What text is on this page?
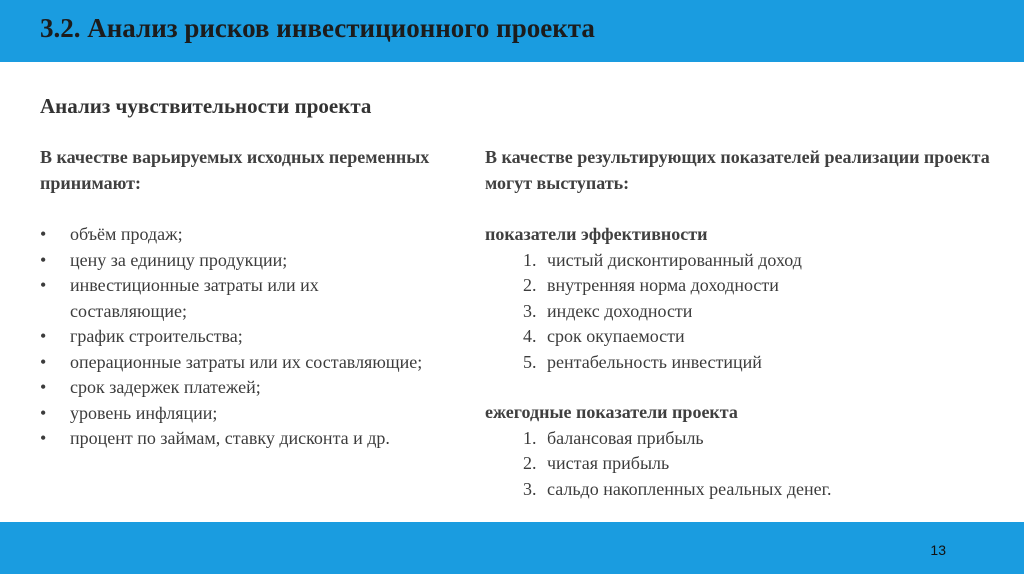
3.2. Анализ рисков инвестиционного проекта
Анализ чувствительности проекта
В качестве варьируемых исходных переменных принимают:
• объём продаж;
• цену за единицу продукции;
• инвестиционные затраты или их составляющие;
• график строительства;
• операционные затраты или их составляющие;
• срок задержек платежей;
• уровень инфляции;
• процент по займам, ставку дисконта и др.
В качестве результирующих показателей реализации проекта могут выступать:
показатели эффективности
1. чистый дисконтированный доход
2. внутренняя норма доходности
3. индекс доходности
4. срок окупаемости
5. рентабельность инвестиций
ежегодные показатели проекта
1. балансовая прибыль
2. чистая прибыль
3. сальдо накопленных реальных денег.
13
